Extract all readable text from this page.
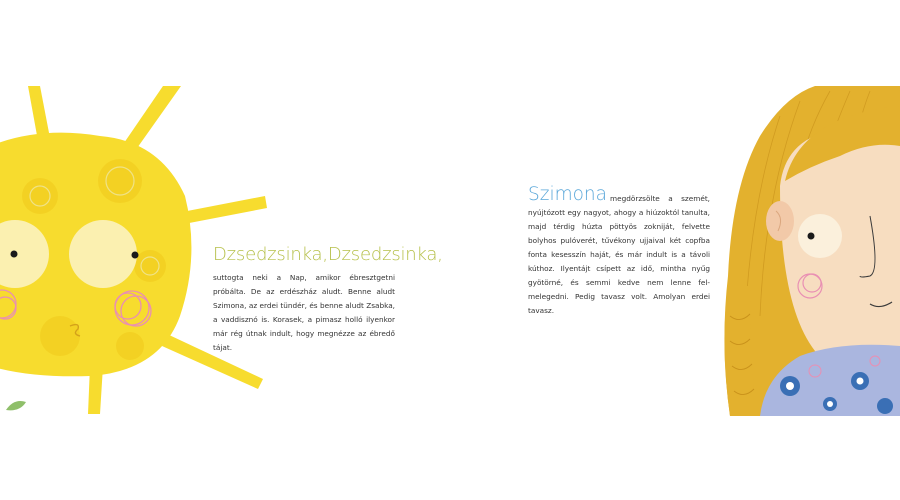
Dzsedzsinka,Dzsedzsinka,
suttogta neki a Nap, amikor ébresztgetni próbálta. De az erdészház aludt. Benne aludt Szimona, az erdei tündér, és benne aludt Zsabka, a vaddisznó is. Korasek, a pimasz holló ilyenkor már rég útnak indult, hogy megnézze az ébredő tájat.
Szimona megdörzsölte a szemét, nyújtózott egy nagyot, ahogy a hiúzoktól tanulta, majd térdig húzta pöttyös zokniját, felvette bolyhos pulóverét, tűvékony ujjaival két copfba fonta kesesszín haját, és már indult is a távoli kúthoz. Ilyentájt csípett az idő, mintha nyűg gyötörné, és semmi kedve nem lenne felmelegedni. Pedig tavasz volt. Amolyan erdei tavasz.
